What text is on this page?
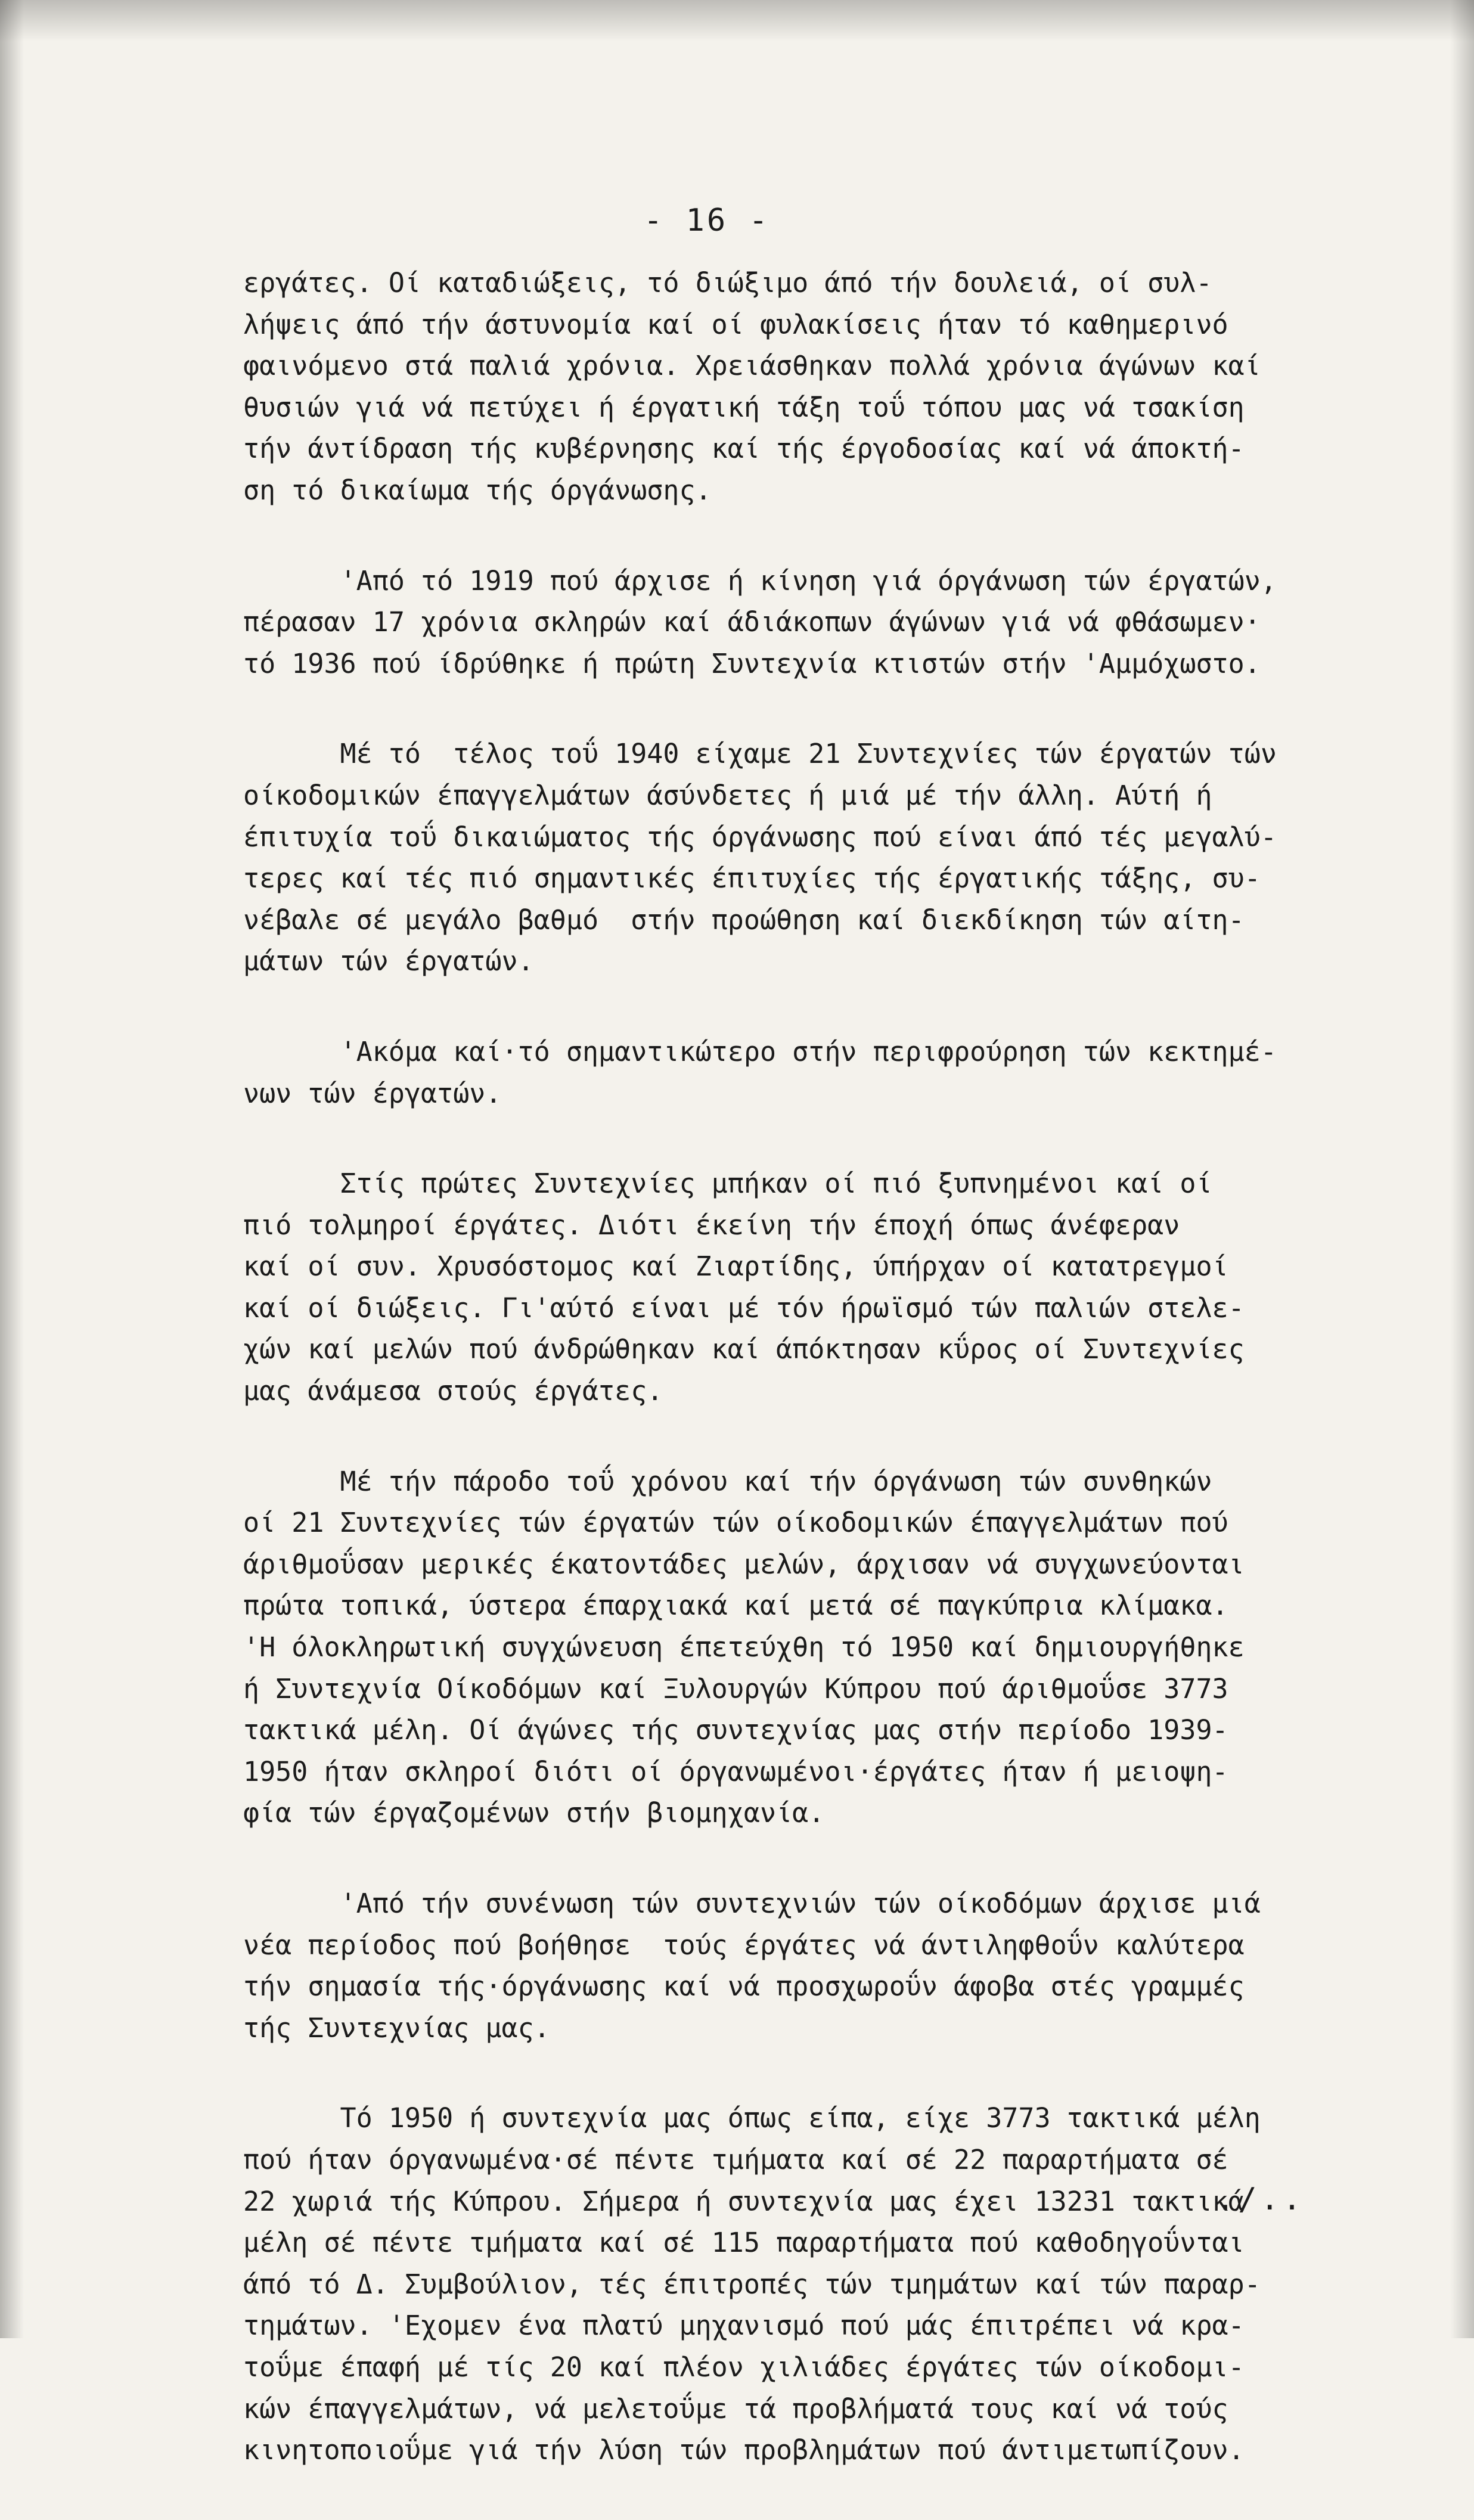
- 16 -
εργάτες. Οί καταδιώξεις, τό διώξιμο άπό τήν δουλειά, οί συλ-
λήψεις άπό τήν άστυνομία καί οί φυλακίσεις ήταν τό καθημερινό
φαινόμενο στά παλιά χρόνια. Χρειάσθηκαν πολλά χρόνια άγώνων καί
θυσιών γιά νά πετύχει ή έργατική τάξη τοΰ τόπου μας νά τσακίση
τήν άντίδραση τής κυβέρνησης καί τής έργοδοσίας καί νά άποκτή-
ση τό δικαίωμα τής όργάνωσης.
'Από τό 1919 πού άρχισε ή κίνηση γιά όργάνωση τών έργατών,
πέρασαν 17 χρόνια σκληρών καί άδιάκοπων άγώνων γιά νά φθάσωμεν·
τό 1936 πού ίδρύθηκε ή πρώτη Συντεχνία κτιστών στήν 'Αμμόχωστο.
Μέ τό  τέλος τοΰ 1940 είχαμε 21 Συντεχνίες τών έργατών τών
οίκοδομικών έπαγγελμάτων άσύνδετες ή μιά μέ τήν άλλη. Αύτή ή
έπιτυχία τοΰ δικαιώματος τής όργάνωσης πού είναι άπό τές μεγαλύ-
τερες καί τές πιό σημαντικές έπιτυχίες τής έργατικής τάξης, συ-
νέβαλε σέ μεγάλο βαθμό  στήν προώθηση καί διεκδίκηση τών αίτη-
μάτων τών έργατών.
'Ακόμα καί·τό σημαντικώτερο στήν περιφρούρηση τών κεκτημέ-
νων τών έργατών.
Στίς πρώτες Συντεχνίες μπήκαν οί πιό ξυπνημένοι καί οί
πιό τολμηροί έργάτες. Διότι έκείνη τήν έποχή όπως άνέφεραν
καί οί συν. Χρυσόστομος καί Ζιαρτίδης, ύπήρχαν οί κατατρεγμοί
καί οί διώξεις. Γι'αύτό είναι μέ τόν ήρωϊσμό τών παλιών στελε-
χών καί μελών πού άνδρώθηκαν καί άπόκτησαν κΰρος οί Συντεχνίες
μας άνάμεσα στούς έργάτες.
Μέ τήν πάροδο τοΰ χρόνου καί τήν όργάνωση τών συνθηκών
οί 21 Συντεχνίες τών έργατών τών οίκοδομικών έπαγγελμάτων πού
άριθμοΰσαν μερικές έκατοντάδες μελών, άρχισαν νά συγχωνεύονται
πρώτα τοπικά, ύστερα έπαρχιακά καί μετά σέ παγκύπρια κλίμακα.
'Η όλοκληρωτική συγχώνευση έπετεύχθη τό 1950 καί δημιουργήθηκε
ή Συντεχνία Οίκοδόμων καί Ξυλουργών Κύπρου πού άριθμοΰσε 3773
τακτικά μέλη. Οί άγώνες τής συντεχνίας μας στήν περίοδο 1939-
1950 ήταν σκληροί διότι οί όργανωμένοι·έργάτες ήταν ή μειοψη-
φία τών έργαζομένων στήν βιομηχανία.
'Από τήν συνένωση τών συντεχνιών τών οίκοδόμων άρχισε μιά
νέα περίοδος πού βοήθησε  τούς έργάτες νά άντιληφθοΰν καλύτερα
τήν σημασία τής·όργάνωσης καί νά προσχωροΰν άφοβα στές γραμμές
τής Συντεχνίας μας.
Τό 1950 ή συντεχνία μας όπως είπα, είχε 3773 τακτικά μέλη
πού ήταν όργανωμένα·σέ πέντε τμήματα καί σέ 22 παραρτήματα σέ
22 χωριά τής Κύπρου. Σήμερα ή συντεχνία μας έχει 13231 τακτικά
μέλη σέ πέντε τμήματα καί σέ 115 παραρτήματα πού καθοδηγοΰνται
άπό τό Δ. Συμβούλιον, τές έπιτροπές τών τμημάτων καί τών παραρ-
τημάτων. 'Εχομεν ένα πλατύ μηχανισμό πού μάς έπιτρέπει νά κρα-
τοΰμε έπαφή μέ τίς 20 καί πλέον χιλιάδες έργάτες τών οίκοδομι-
κών έπαγγελμάτων, νά μελετοΰμε τά προβλήματά τους καί νά τούς
κινητοποιοΰμε γιά τήν λύση τών προβλημάτων πού άντιμετωπίζουν.
./..
